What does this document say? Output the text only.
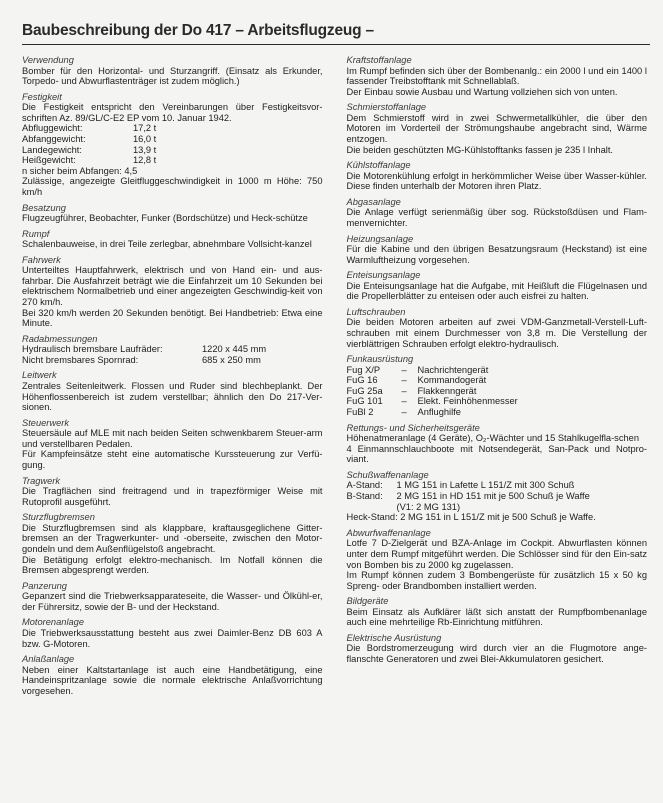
Baubeschreibung der Do 417 – Arbeitsflugzeug –
Verwendung
Bomber für den Horizontal- und Sturzangriff. (Einsatz als Erkunder, Torpedo- und Abwurflastenträger ist zudem möglich.)
Festigkeit
Die Festigkeit entspricht den Vereinbarungen über Festigkeitsvor-schriften Az. 89/GL/C-E2 EP vom 10. Januar 1942.
Abfluggewicht:	17,2 t
Abfanggewicht:	16,0 t
Landegewicht:	13,9 t
Heißgewicht:	12,8 t
n sicher beim Abfangen: 4,5
Zulässige, angezeigte Gleitfluggeschwindigkeit in 1000 m Höhe: 750 km/h
Besatzung
Flugzeugführer, Beobachter, Funker (Bordschütze) und Heck-schütze
Rumpf
Schalenbauweise, in drei Teile zerlegbar, abnehmbare Vollsicht-kanzel
Fahrwerk
Unterteiltes Hauptfahrwerk, elektrisch und von Hand ein- und aus-fahrbar. Die Ausfahrzeit beträgt wie die Einfahrzeit um 10 Sekunden bei elektrischem Normalbetrieb und einer angezeigten Geschwindig-keit von 270 km/h.
Bei 320 km/h werden 20 Sekunden benötigt. Bei Handbetrieb: Etwa eine Minute.
Radabmessungen
Hydraulisch bremsbare Laufräder:	1220 x 445 mm
Nicht bremsbares Spornrad:	685 x 250 mm
Leitwerk
Zentrales Seitenleitwerk. Flossen und Ruder sind blechbeplankt. Der Höhenflossenbereich ist zudem verstellbar; ähnlich den Do 217-Ver-sionen.
Steuerwerk
Steuersäule auf MLE mit nach beiden Seiten schwenkbarem Steuer-arm und verstellbaren Pedalen.
Für Kampfeinsätze steht eine automatische Kurssteuerung zur Verfü-gung.
Tragwerk
Die Tragflächen sind freitragend und in trapezförmiger Weise mit Rutoprofil ausgeführt.
Sturzflugbremsen
Die Sturzflugbremsen sind als klappbare, kraftausgeglichene Gitter-bremsen an der Tragwerkunter- und -oberseite, zwischen den Motor-gondeln und dem Außenflügelstoß angebracht.
Die Betätigung erfolgt elektro-mechanisch. Im Notfall können die Bremsen abgesprengt werden.
Panzerung
Gepanzert sind die Triebwerksapparateseite, die Wasser- und Ölkühl-er, der Führersitz, sowie der B- und der Heckstand.
Motorenanlage
Die Triebwerksausstattung besteht aus zwei Daimler-Benz DB 603 A bzw. G-Motoren.
Anlaßanlage
Neben einer Kaltstartanlage ist auch eine Handbetätigung, eine Handeinspritzanlage sowie die normale elektrische Anlaßvorrichtung vorgesehen.
Kraftstoffanlage
Im Rumpf befinden sich über der Bombenanlg.: ein 2000 l und ein 1400 l fassender Treibstofftank mit Schnellablaß.
Der Einbau sowie Ausbau und Wartung vollziehen sich von unten.
Schmierstoffanlage
Dem Schmierstoff wird in zwei Schwermetallkühler, die über den Motoren im Vorderteil der Strömungshaube angebracht sind, Wärme entzogen.
Die beiden geschützten MG-Kühlstofftanks fassen je 235 l Inhalt.
Kühlstoffanlage
Die Motorenkühlung erfolgt in herkömmlicher Weise über Wasser-kühler. Diese finden unterhalb der Motoren ihren Platz.
Abgasanlage
Die Anlage verfügt serienmäßig über sog. Rückstoßdüsen und Flam-menvernichter.
Heizungsanlage
Für die Kabine und den übrigen Besatzungsraum (Heckstand) ist eine Warmluftheizung vorgesehen.
Enteisungsanlage
Die Enteisungsanlage hat die Aufgabe, mit Heißluft die Flügelnasen und die Propellerblätter zu enteisen oder auch eisfrei zu halten.
Luftschrauben
Die beiden Motoren arbeiten auf zwei VDM-Ganzmetall-Verstell-Luft-schrauben mit einem Durchmesser von 3,8 m. Die Verstellung der vierblättrigen Schrauben erfolgt elektro-hydraulisch.
Funkausrüstung
Fug X/P	–	Nachrichtengerät
FuG 16	–	Kommandogerät
FuG 25a	–	Flakkenngerät
FuG 101	–	Elekt. Feinhöhenmesser
FuBl 2	–	Anflughilfe
Rettungs- und Sicherheitsgeräte
Höhenatmeranlage (4 Geräte), O₂-Wächter und 15 Stahlkugelfla-schen
4 Einmannschlauchboote mit Notsendegerät, San-Pack und Notpro-viant.
Schußwaffenanlage
A-Stand:	1 MG 151 in Lafette L 151/Z mit 300 Schuß
B-Stand:	2 MG 151 in HD 151 mit je 500 Schuß je Waffe
(V1: 2 MG 131)
Heck-Stand: 2 MG 151 in L 151/Z mit je 500 Schuß je Waffe.
Abwurfwaffenanlage
Lotfe 7 D-Zielgerät und BZA-Anlage im Cockpit. Abwurflasten können unter dem Rumpf mitgeführt werden. Die Schlösser sind für den Ein-satz von Bomben bis zu 2000 kg zugelassen.
Im Rumpf können zudem 3 Bombengerüste für zusätzlich 15 x 50 kg Spreng- oder Brandbomben installiert werden.
Bildgeräte
Beim Einsatz als Aufklärer läßt sich anstatt der Rumpfbombenanlage auch eine mehrteilige Rb-Einrichtung mitführen.
Elektrische Ausrüstung
Die Bordstromerzeugung wird durch vier an die Flugmotore ange-flanschte Generatoren und zwei Blei-Akkumulatoren gesichert.
